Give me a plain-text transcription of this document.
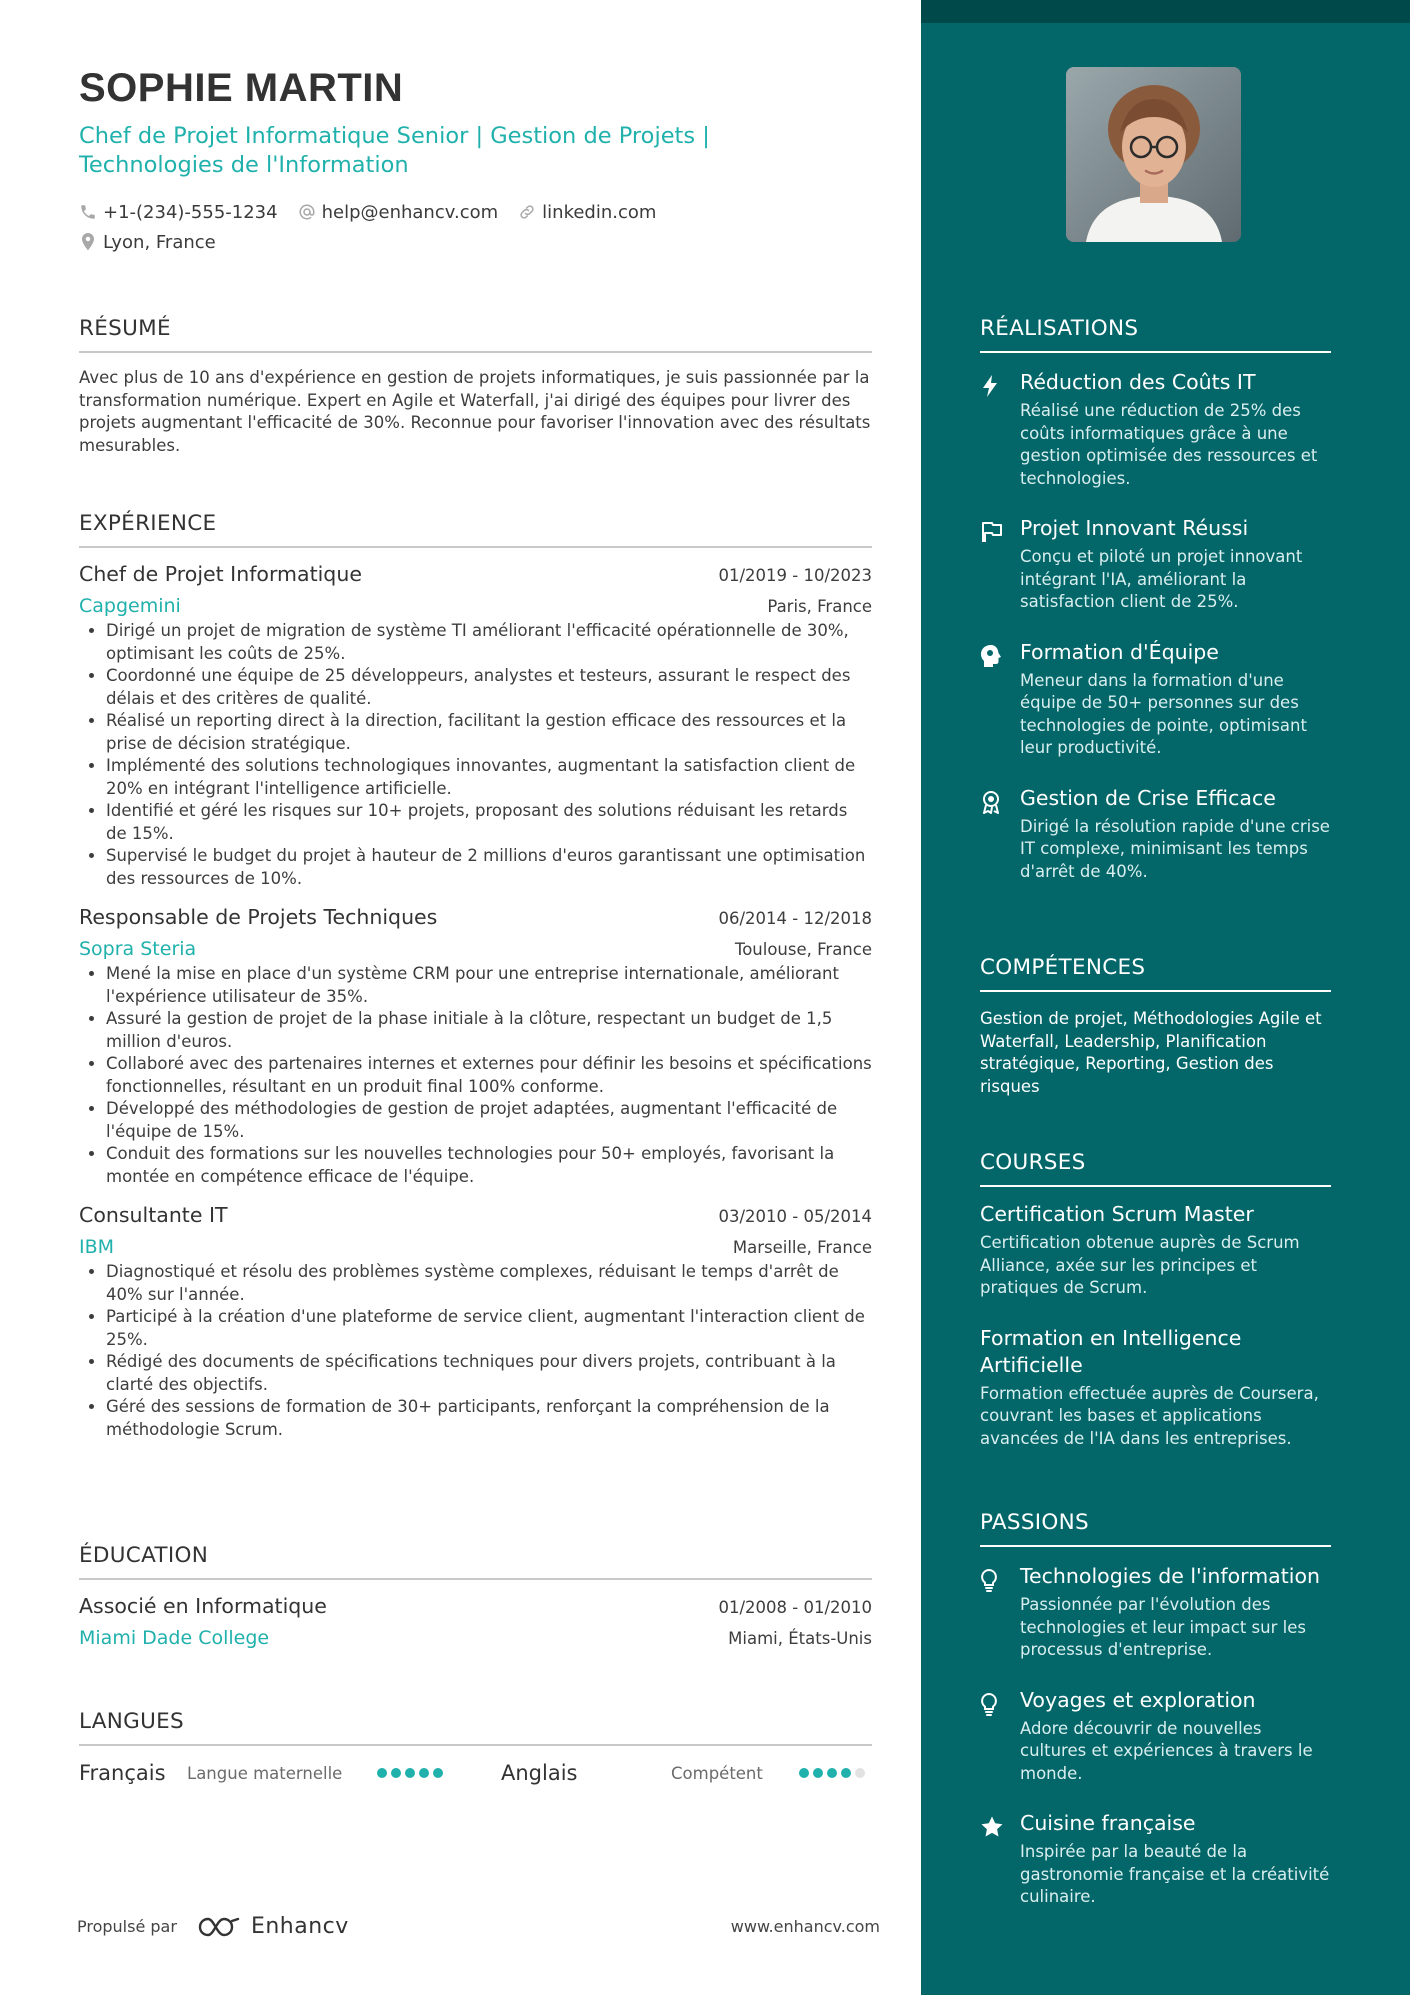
SOPHIE MARTIN
Chef de Projet Informatique Senior | Gestion de Projets | Technologies de l'Information
+1-(234)-555-1234 help@enhancv.com linkedin.com
Lyon, France
RÉSUMÉ
Avec plus de 10 ans d'expérience en gestion de projets informatiques, je suis passionnée par la transformation numérique. Expert en Agile et Waterfall, j'ai dirigé des équipes pour livrer des projets augmentant l'efficacité de 30%. Reconnue pour favoriser l'innovation avec des résultats mesurables.
EXPÉRIENCE
Chef de Projet Informatique	01/2019 - 10/2023
Capgemini	Paris, France
• Dirigé un projet de migration de système TI améliorant l'efficacité opérationnelle de 30%, optimisant les coûts de 25%.
• Coordonné une équipe de 25 développeurs, analystes et testeurs, assurant le respect des délais et des critères de qualité.
• Réalisé un reporting direct à la direction, facilitant la gestion efficace des ressources et la prise de décision stratégique.
• Implémenté des solutions technologiques innovantes, augmentant la satisfaction client de 20% en intégrant l'intelligence artificielle.
• Identifié et géré les risques sur 10+ projets, proposant des solutions réduisant les retards de 15%.
• Supervisé le budget du projet à hauteur de 2 millions d'euros garantissant une optimisation des ressources de 10%.
Responsable de Projets Techniques	06/2014 - 12/2018
Sopra Steria	Toulouse, France
• Mené la mise en place d'un système CRM pour une entreprise internationale, améliorant l'expérience utilisateur de 35%.
• Assuré la gestion de projet de la phase initiale à la clôture, respectant un budget de 1,5 million d'euros.
• Collaboré avec des partenaires internes et externes pour définir les besoins et spécifications fonctionnelles, résultant en un produit final 100% conforme.
• Développé des méthodologies de gestion de projet adaptées, augmentant l'efficacité de l'équipe de 15%.
• Conduit des formations sur les nouvelles technologies pour 50+ employés, favorisant la montée en compétence efficace de l'équipe.
Consultante IT	03/2010 - 05/2014
IBM	Marseille, France
• Diagnostiqué et résolu des problèmes système complexes, réduisant le temps d'arrêt de 40% sur l'année.
• Participé à la création d'une plateforme de service client, augmentant l'interaction client de 25%.
• Rédigé des documents de spécifications techniques pour divers projets, contribuant à la clarté des objectifs.
• Géré des sessions de formation de 30+ participants, renforçant la compréhension de la méthodologie Scrum.
ÉDUCATION
Associé en Informatique	01/2008 - 01/2010
Miami Dade College	Miami, États-Unis
LANGUES
Français	Langue maternelle	Anglais	Compétent
Propulsé par	Enhancv	www.enhancv.com
RÉALISATIONS
Réduction des Coûts IT
Réalisé une réduction de 25% des coûts informatiques grâce à une gestion optimisée des ressources et technologies.
Projet Innovant Réussi
Conçu et piloté un projet innovant intégrant l'IA, améliorant la satisfaction client de 25%.
Formation d'Équipe
Meneur dans la formation d'une équipe de 50+ personnes sur des technologies de pointe, optimisant leur productivité.
Gestion de Crise Efficace
Dirigé la résolution rapide d'une crise IT complexe, minimisant les temps d'arrêt de 40%.
COMPÉTENCES
Gestion de projet, Méthodologies Agile et Waterfall, Leadership, Planification stratégique, Reporting, Gestion des risques
COURSES
Certification Scrum Master
Certification obtenue auprès de Scrum Alliance, axée sur les principes et pratiques de Scrum.
Formation en Intelligence Artificielle
Formation effectuée auprès de Coursera, couvrant les bases et applications avancées de l'IA dans les entreprises.
PASSIONS
Technologies de l'information
Passionnée par l'évolution des technologies et leur impact sur les processus d'entreprise.
Voyages et exploration
Adore découvrir de nouvelles cultures et expériences à travers le monde.
Cuisine française
Inspirée par la beauté de la gastronomie française et la créativité culinaire.
